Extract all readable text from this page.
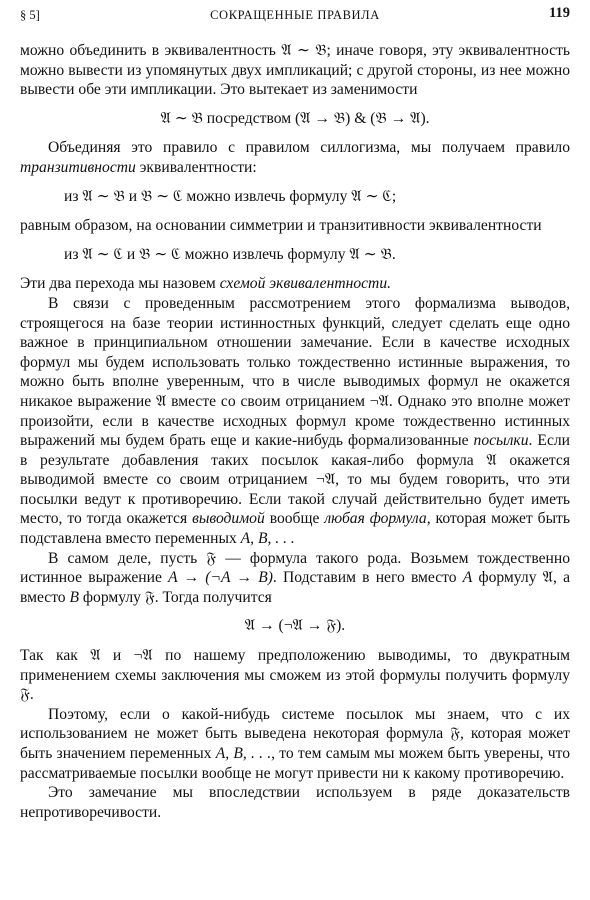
§ 5]	СОКРАЩЕННЫЕ ПРАВИЛА	119

можно объединить в эквивалентность 𝔄 ∼ 𝔅; иначе говоря, эту эквивалентность можно вывести из упомянутых двух импликаций; с другой стороны, из нее можно вывести обе эти импликации. Это вытекает из заменимости

𝔄 ∼ 𝔅 посредством (𝔄 → 𝔅) & (𝔅 → 𝔄).

Объединяя это правило с правилом силлогизма, мы получаем правило транзитивности эквивалентности:

из 𝔄 ∼ 𝔅 и 𝔅 ∼ ℭ можно извлечь формулу 𝔄 ∼ ℭ;

равным образом, на основании симметрии и транзитивности эквивалентности

из 𝔄 ∼ ℭ и 𝔅 ∼ ℭ можно извлечь формулу 𝔄 ∼ 𝔅.

Эти два перехода мы назовем схемой эквивалентности.

В связи с проведенным рассмотрением этого формализма выводов, строящегося на базе теории истинностных функций, следует сделать еще одно важное в принципиальном отношении замечание. Если в качестве исходных формул мы будем использовать только тождественно истинные выражения, то можно быть вполне уверенным, что в числе выводимых формул не окажется никакое выражение 𝔄 вместе со своим отрицанием ¬𝔄. Однако это вполне может произойти, если в качестве исходных формул кроме тождественно истинных выражений мы будем брать еще и какие-нибудь формализованные посылки. Если в результате добавления таких посылок какая-либо формула 𝔄 окажется выводимой вместе со своим отрицанием ¬𝔄, то мы будем говорить, что эти посылки ведут к противоречию. Если такой случай действительно будет иметь место, то тогда окажется выводимой вообще любая формула, которая может быть подставлена вместо переменных A, B, . . .

В самом деле, пусть 𝔉 — формула такого рода. Возьмем тождественно истинное выражение A → (¬A → B). Подставим в него вместо A формулу 𝔄, а вместо B формулу 𝔉. Тогда получится

𝔄 → (¬𝔄 → 𝔉).

Так как 𝔄 и ¬𝔄 по нашему предположению выводимы, то двукратным применением схемы заключения мы сможем из этой формулы получить формулу 𝔉.

Поэтому, если о какой-нибудь системе посылок мы знаем, что с их использованием не может быть выведена некоторая формула 𝔉, которая может быть значением переменных A, B, . . ., то тем самым мы можем быть уверены, что рассматриваемые посылки вообще не могут привести ни к какому противоречию.

Это замечание мы впоследствии используем в ряде доказательств непротиворечивости.
